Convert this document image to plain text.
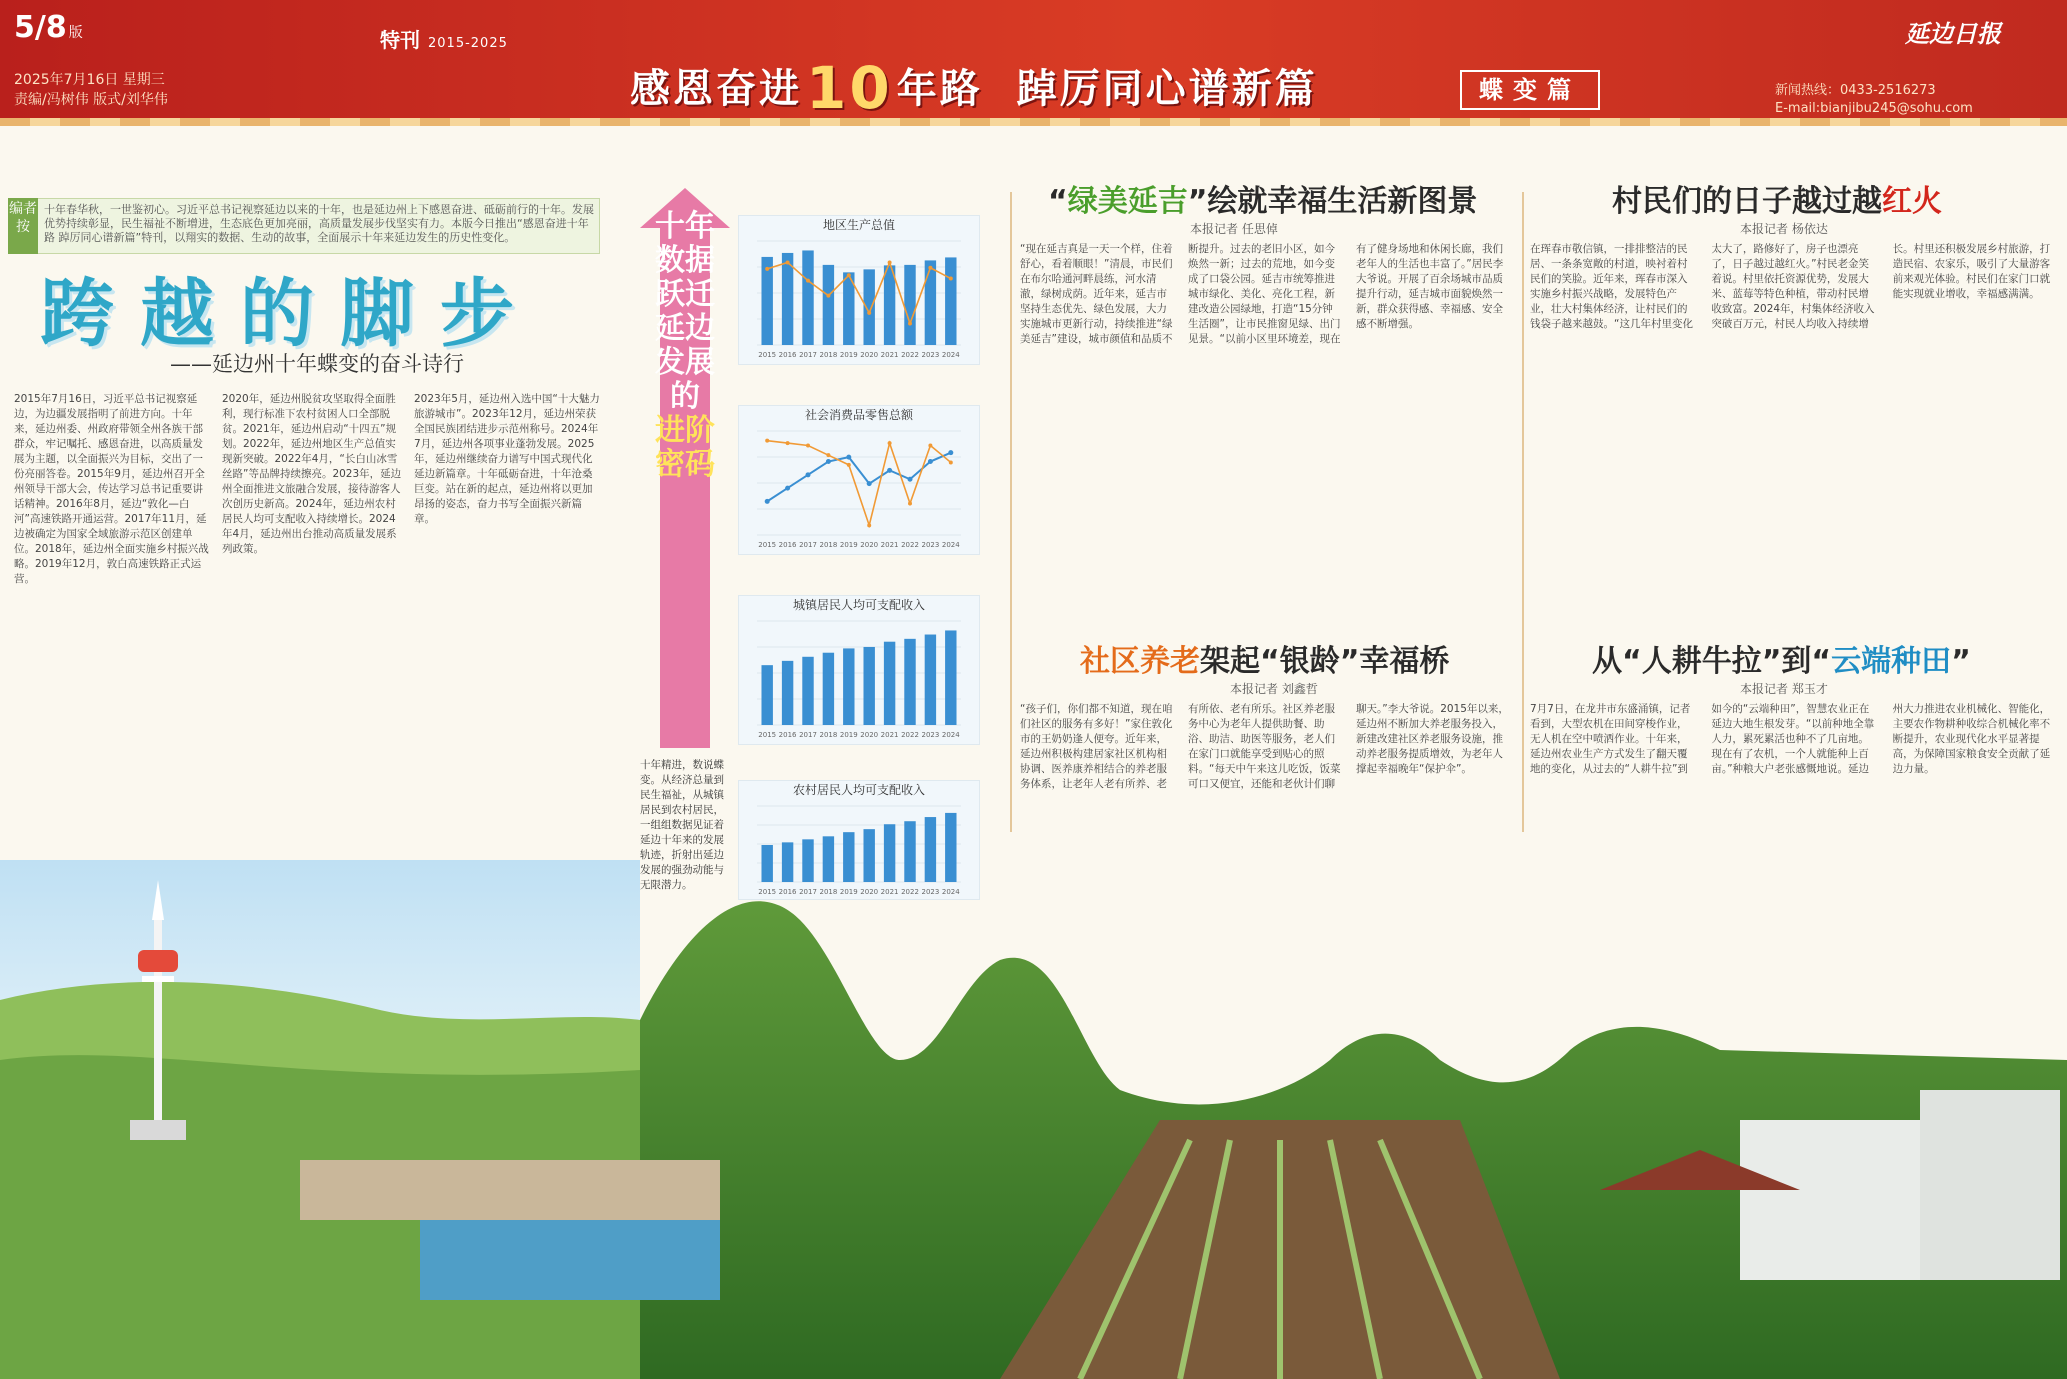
5/8 版
2025年7月16日 星期三
责编/冯树伟 版式/刘华伟
特刊 2015-2025
感恩奋进10 年路 踔厉同心谱新篇	蝶变篇
延边日报
新闻热线：0433-2516273
E-mail:bianjibu245@sohu.com
编者按
十年春华秋，一世鉴初心。习近平总书记视察延边以来的十年，也是延边州上下感恩奋进、砥砺前行的十年。发展优势持续彰显，民生福祉不断增进，生态底色更加亮丽，高质量发展步伐坚实有力。本版今日推出“感恩奋进十年路 踔厉同心谱新篇”特刊，以翔实的数据、生动的故事，全面展示十年来延边发生的历史性变化。
跨越的脚步
——延边州十年蝶变的奋斗诗行
2015年7月16日，习近平总书记视察延边，为边疆发展指明了前进方向。十年来，延边州委、州政府带领全州各族干部群众，牢记嘱托、感恩奋进，以高质量发展为主题，以全面振兴为目标，交出了一份亮丽答卷。2015年9月，延边州召开全州领导干部大会，传达学习总书记重要讲话精神。2016年8月，延边“敦化—白河”高速铁路开通运营。2017年11月，延边被确定为国家全域旅游示范区创建单位。2018年，延边州全面实施乡村振兴战略。2019年12月，敦白高速铁路正式运营。
2020年，延边州脱贫攻坚取得全面胜利，现行标准下农村贫困人口全部脱贫。2021年，延边州启动“十四五”规划。2022年，延边州地区生产总值实现新突破。2022年4月，“长白山冰雪丝路”等品牌持续擦亮。2023年，延边州全面推进文旅融合发展，接待游客人次创历史新高。2024年，延边州农村居民人均可支配收入持续增长。2024年4月，延边州出台推动高质量发展系列政策。
2023年5月，延边州入选中国“十大魅力旅游城市”。2023年12月，延边州荣获全国民族团结进步示范州称号。2024年7月，延边州各项事业蓬勃发展。2025年，延边州继续奋力谱写中国式现代化延边新篇章。十年砥砺奋进，十年沧桑巨变。站在新的起点，延边州将以更加昂扬的姿态，奋力书写全面振兴新篇章。
十年数据跃迁
延边发展的
进阶密码
十年精进，数说蝶变。从经济总量到民生福祉，从城镇居民到农村居民，一组组数据见证着延边十年来的发展轨迹，折射出延边发展的强劲动能与无限潜力。
地区生产总值
2015 2016 2017 2018 2019 2020 2021 2022 2023 2024
社会消费品零售总额
2015 2016 2017 2018 2019 2020 2021 2022 2023 2024
城镇居民人均可支配收入
2015 2016 2017 2018 2019 2020 2021 2022 2023 2024
农村居民人均可支配收入
2015 2016 2017 2018 2019 2020 2021 2022 2023 2024
“绿美延吉”绘就幸福生活新图景
本报记者 任思倬
“现在延吉真是一天一个样，住着舒心，看着顺眼！”清晨，市民们在布尔哈通河畔晨练，河水清澈，绿树成荫。近年来，延吉市坚持生态优先、绿色发展，大力实施城市更新行动，持续推进“绿美延吉”建设，城市颜值和品质不断提升。过去的老旧小区，如今焕然一新；过去的荒地，如今变成了口袋公园。延吉市统筹推进城市绿化、美化、亮化工程，新建改造公园绿地，打造“15分钟生活圈”，让市民推窗见绿、出门见景。“以前小区里环境差，现在有了健身场地和休闲长廊，我们老年人的生活也丰富了。”居民李大爷说。开展了百余场城市品质提升行动，延吉城市面貌焕然一新，群众获得感、幸福感、安全感不断增强。
村民们的日子越过越红火
本报记者 杨依达
在珲春市敬信镇，一排排整洁的民居、一条条宽敞的村道，映衬着村民们的笑脸。近年来，珲春市深入实施乡村振兴战略，发展特色产业，壮大村集体经济，让村民们的钱袋子越来越鼓。“这几年村里变化太大了，路修好了，房子也漂亮了，日子越过越红火。”村民老金笑着说。村里依托资源优势，发展大米、蓝莓等特色种植，带动村民增收致富。2024年，村集体经济收入突破百万元，村民人均收入持续增长。村里还积极发展乡村旅游，打造民宿、农家乐，吸引了大量游客前来观光体验。村民们在家门口就能实现就业增收，幸福感满满。
社区养老架起“银龄”幸福桥
本报记者 刘鑫哲
“孩子们，你们都不知道，现在咱们社区的服务有多好！”家住敦化市的王奶奶逢人便夸。近年来，延边州积极构建居家社区机构相协调、医养康养相结合的养老服务体系，让老年人老有所养、老有所依、老有所乐。社区养老服务中心为老年人提供助餐、助浴、助洁、助医等服务，老人们在家门口就能享受到贴心的照料。“每天中午来这儿吃饭，饭菜可口又便宜，还能和老伙计们聊聊天。”李大爷说。2015年以来，延边州不断加大养老服务投入，新建改建社区养老服务设施，推动养老服务提质增效，为老年人撑起幸福晚年“保护伞”。
从“人耕牛拉”到“云端种田”
本报记者 郑玉才
7月7日，在龙井市东盛涌镇，记者看到，大型农机在田间穿梭作业，无人机在空中喷洒作业。十年来，延边州农业生产方式发生了翻天覆地的变化，从过去的“人耕牛拉”到如今的“云端种田”，智慧农业正在延边大地生根发芽。“以前种地全靠人力，累死累活也种不了几亩地。现在有了农机，一个人就能种上百亩。”种粮大户老张感慨地说。延边州大力推进农业机械化、智能化，主要农作物耕种收综合机械化率不断提升，农业现代化水平显著提高，为保障国家粮食安全贡献了延边力量。
